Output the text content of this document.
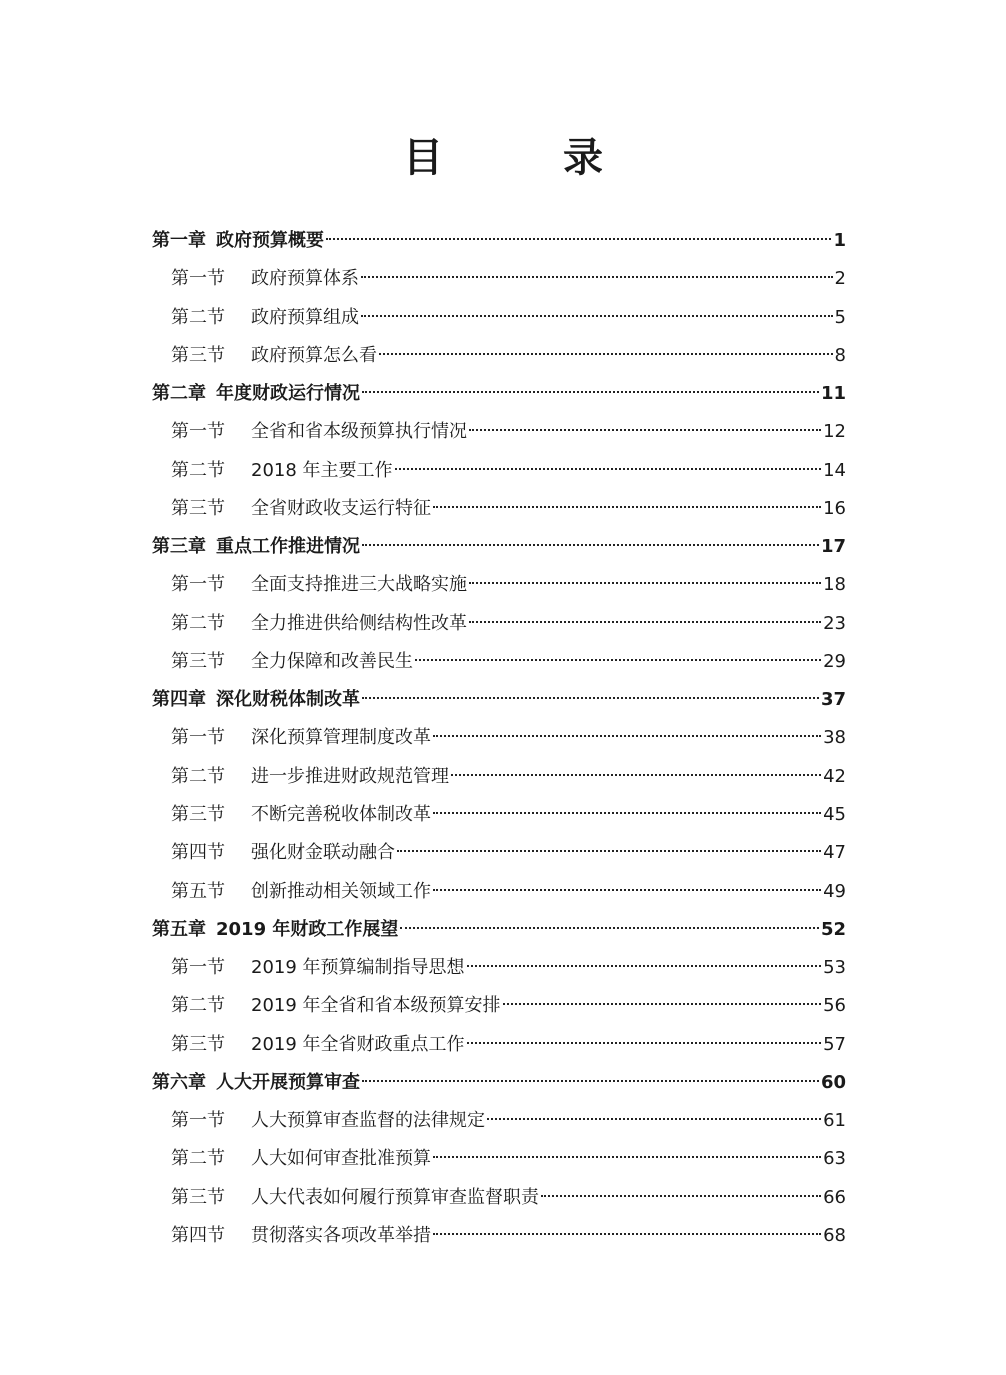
目　录
第一章 政府预算概要	1
第一节	政府预算体系	2
第二节	政府预算组成	5
第三节	政府预算怎么看	8
第二章 年度财政运行情况	11
第一节	全省和省本级预算执行情况	12
第二节	2018 年主要工作	14
第三节	全省财政收支运行特征	16
第三章 重点工作推进情况	17
第一节	全面支持推进三大战略实施	18
第二节	全力推进供给侧结构性改革	23
第三节	全力保障和改善民生	29
第四章 深化财税体制改革	37
第一节	深化预算管理制度改革	38
第二节	进一步推进财政规范管理	42
第三节	不断完善税收体制改革	45
第四节	强化财金联动融合	47
第五节	创新推动相关领域工作	49
第五章 2019 年财政工作展望	52
第一节	2019 年预算编制指导思想	53
第二节	2019 年全省和省本级预算安排	56
第三节	2019 年全省财政重点工作	57
第六章 人大开展预算审查	60
第一节	人大预算审查监督的法律规定	61
第二节	人大如何审查批准预算	63
第三节	人大代表如何履行预算审查监督职责	66
第四节	贯彻落实各项改革举措	68
